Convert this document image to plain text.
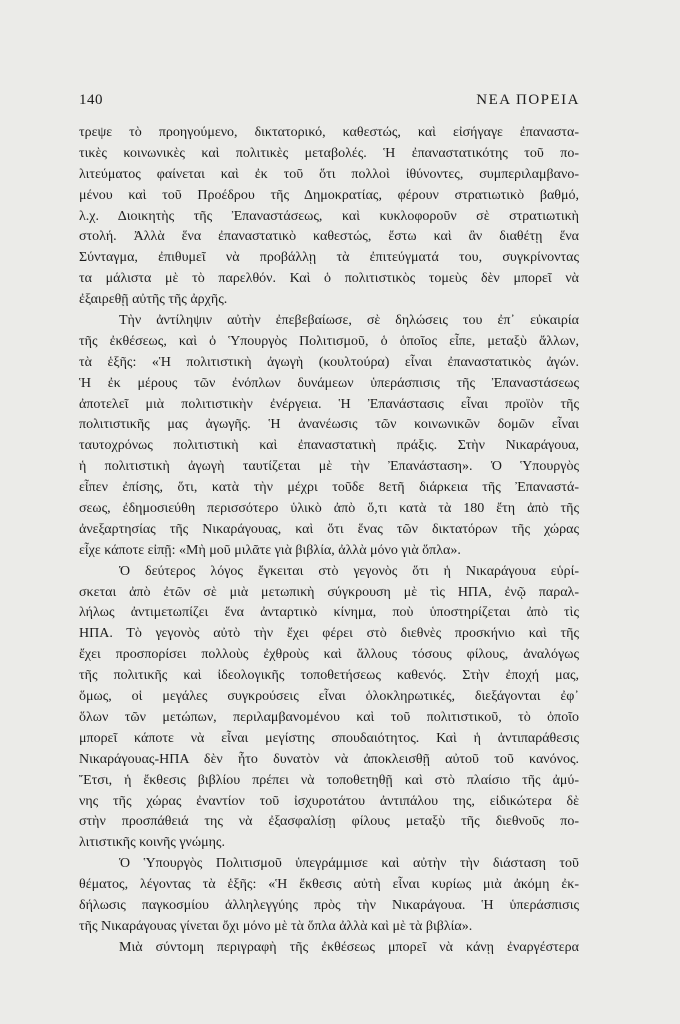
140	ΝΕΑ ΠΟΡΕΙΑ
τρεψε τὸ προηγούμενο, δικτατορικό, καθεστώς, καὶ εἰσήγαγε ἐπαναστα-
τικὲς κοινωνικὲς καὶ πολιτικὲς μεταβολές. Ἡ ἐπαναστατικότης τοῦ πο-
λιτεύματος φαίνεται καὶ ἐκ τοῦ ὅτι πολλοὶ ἰθύνοντες, συμπεριλαμβανο-
μένου καὶ τοῦ Προέδρου τῆς Δημοκρατίας, φέρουν στρατιωτικὸ βαθμό,
λ.χ. Διοικητὴς τῆς Ἐπαναστάσεως, καὶ κυκλοφοροῦν σὲ στρατιωτικὴ
στολή. Ἀλλὰ ἕνα ἐπαναστατικὸ καθεστώς, ἔστω καὶ ἂν διαθέτῃ ἕνα
Σύνταγμα, ἐπιθυμεῖ νὰ προβάλλῃ τὰ ἐπιτεύγματά του, συγκρίνοντας
τα μάλιστα μὲ τὸ παρελθόν. Καὶ ὁ πολιτιστικὸς τομεὺς δὲν μπορεῖ νὰ
ἐξαιρεθῇ αὐτῆς τῆς ἀρχῆς.
Τὴν ἀντίληψιν αὐτὴν ἐπεβεβαίωσε, σὲ δηλώσεις του ἐπ᾿ εὐκαιρία
τῆς ἐκθέσεως, καὶ ὁ Ὑπουργὸς Πολιτισμοῦ, ὁ ὁποῖος εἶπε, μεταξὺ ἄλλων,
τὰ ἑξῆς: «Ἡ πολιτιστικὴ ἀγωγὴ (κουλτούρα) εἶναι ἐπαναστατικὸς ἀγών.
Ἡ ἐκ μέρους τῶν ἐνόπλων δυνάμεων ὑπεράσπισις τῆς Ἐπαναστάσεως
ἀποτελεῖ μιὰ πολιτιστικὴν ἐνέργεια. Ἡ Ἐπανάστασις εἶναι προϊὸν τῆς
πολιτιστικῆς μας ἀγωγῆς. Ἡ ἀνανέωσις τῶν κοινωνικῶν δομῶν εἶναι
ταυτοχρόνως πολιτιστικὴ καὶ ἐπαναστατικὴ πράξις. Στὴν Νικαράγουα,
ἡ πολιτιστικὴ ἀγωγὴ ταυτίζεται μὲ τὴν Ἐπανάσταση». Ὁ Ὑπουργὸς
εἶπεν ἐπίσης, ὅτι, κατὰ τὴν μέχρι τοῦδε 8ετῆ διάρκεια τῆς Ἐπαναστά-
σεως, ἐδημοσιεύθη περισσότερο ὑλικὸ ἀπὸ ὅ,τι κατὰ τὰ 180 ἔτη ἀπὸ τῆς
ἀνεξαρτησίας τῆς Νικαράγουας, καὶ ὅτι ἕνας τῶν δικτατόρων τῆς χώρας
εἶχε κάποτε εἰπῇ: «Μὴ μοῦ μιλᾶτε γιὰ βιβλία, ἀλλὰ μόνο γιὰ ὅπλα».
Ὁ δεύτερος λόγος ἔγκειται στὸ γεγονὸς ὅτι ἡ Νικαράγουα εὑρί-
σκεται ἀπὸ ἐτῶν σὲ μιὰ μετωπικὴ σύγκρουση μὲ τὶς ΗΠΑ, ἐνῷ παραλ-
λήλως ἀντιμετωπίζει ἕνα ἀνταρτικὸ κίνημα, ποὺ ὑποστηρίζεται ἀπὸ τὶς
ΗΠΑ. Τὸ γεγονὸς αὐτὸ τὴν ἔχει φέρει στὸ διεθνὲς προσκήνιο καὶ τῆς
ἔχει προσπορίσει πολλοὺς ἐχθροὺς καὶ ἄλλους τόσους φίλους, ἀναλόγως
τῆς πολιτικῆς καὶ ἰδεολογικῆς τοποθετήσεως καθενός. Στὴν ἐποχή μας,
ὅμως, οἱ μεγάλες συγκρούσεις εἶναι ὁλοκληρωτικές, διεξάγονται ἐφ᾿
ὅλων τῶν μετώπων, περιλαμβανομένου καὶ τοῦ πολιτιστικοῦ, τὸ ὁποῖο
μπορεῖ κάποτε νὰ εἶναι μεγίστης σπουδαιότητος. Καὶ ἡ ἀντιπαράθεσις
Νικαράγουας-ΗΠΑ δὲν ἦτο δυνατὸν νὰ ἀποκλεισθῇ αὐτοῦ τοῦ κανόνος.
Ἔτσι, ἡ ἔκθεσις βιβλίου πρέπει νὰ τοποθετηθῇ καὶ στὸ πλαίσιο τῆς ἀμύ-
νης τῆς χώρας ἐναντίον τοῦ ἰσχυροτάτου ἀντιπάλου της, εἰδικώτερα δὲ
στὴν προσπάθειά της νὰ ἐξασφαλίσῃ φίλους μεταξὺ τῆς διεθνοῦς πο-
λιτιστικῆς κοινῆς γνώμης.
Ὁ Ὑπουργὸς Πολιτισμοῦ ὑπεγράμμισε καὶ αὐτὴν τὴν διάσταση τοῦ
θέματος, λέγοντας τὰ ἑξῆς: «Ἡ ἔκθεσις αὐτὴ εἶναι κυρίως μιὰ ἀκόμη ἐκ-
δήλωσις παγκοσμίου ἀλληλεγγύης πρὸς τὴν Νικαράγουα. Ἡ ὑπεράσπισις
τῆς Νικαράγουας γίνεται ὄχι μόνο μὲ τὰ ὅπλα ἀλλὰ καὶ μὲ τὰ βιβλία».
Μιὰ σύντομη περιγραφὴ τῆς ἐκθέσεως μπορεῖ νὰ κάνῃ ἐναργέστερα
